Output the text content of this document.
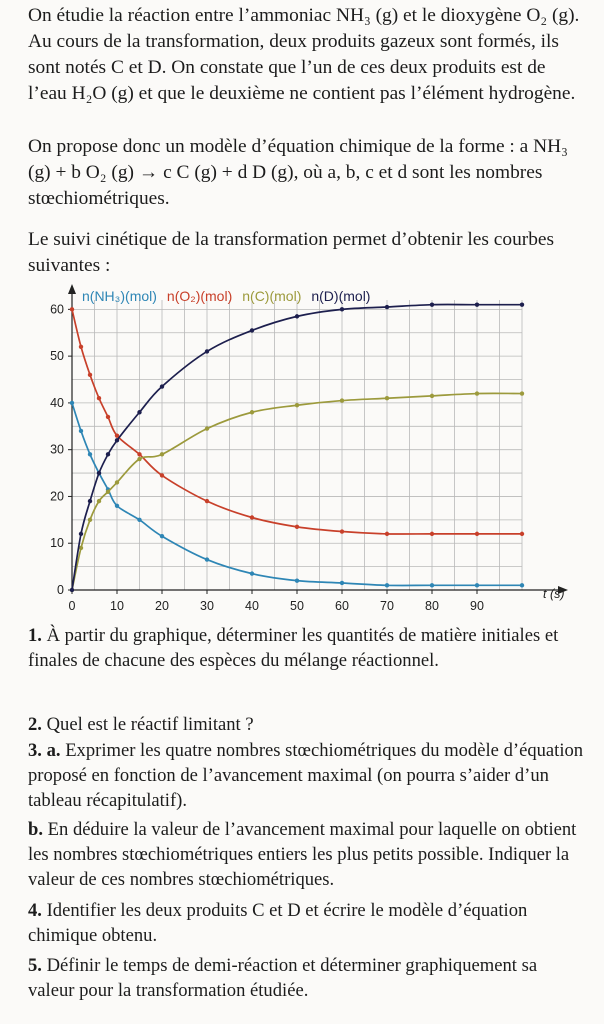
On étudie la réaction entre l’ammoniac NH₃ (g) et le dioxygène O₂ (g). Au cours de la transformation, deux produits gazeux sont formés, ils sont notés C et D. On constate que l’un de ces deux produits est de l’eau H₂O (g) et que le deuxième ne contient pas l’élément hydrogène.

On propose donc un modèle d’équation chimique de la forme : a NH₃ (g) + b O₂ (g) → c C (g) + d D (g), où a, b, c et d sont les nombres stœchiométriques.

Le suivi cinétique de la transformation permet d’obtenir les courbes suivantes :

0	10 20 30 40 50 60 70 80 90
t (s)
0
10
20
30
40
50
60
n(NH₃)(mol) n(O₂)(mol) n(C)(mol) n(D)(mol)

1. À partir du graphique, déterminer les quantités de matière initiales et finales de chacune des espèces du mélange réactionnel.

2. Quel est le réactif limitant ?

3. a. Exprimer les quatre nombres stœchiométriques du modèle d’équation proposé en fonction de l’avancement maximal (on pourra s’aider d’un tableau récapitulatif).

b. En déduire la valeur de l’avancement maximal pour laquelle on obtient les nombres stœchiométriques entiers les plus petits possible. Indiquer la valeur de ces nombres stœchiométriques.

4. Identifier les deux produits C et D et écrire le modèle d’équation chimique obtenu.

5. Définir le temps de demi-réaction et déterminer graphiquement sa valeur pour la transformation étudiée.
